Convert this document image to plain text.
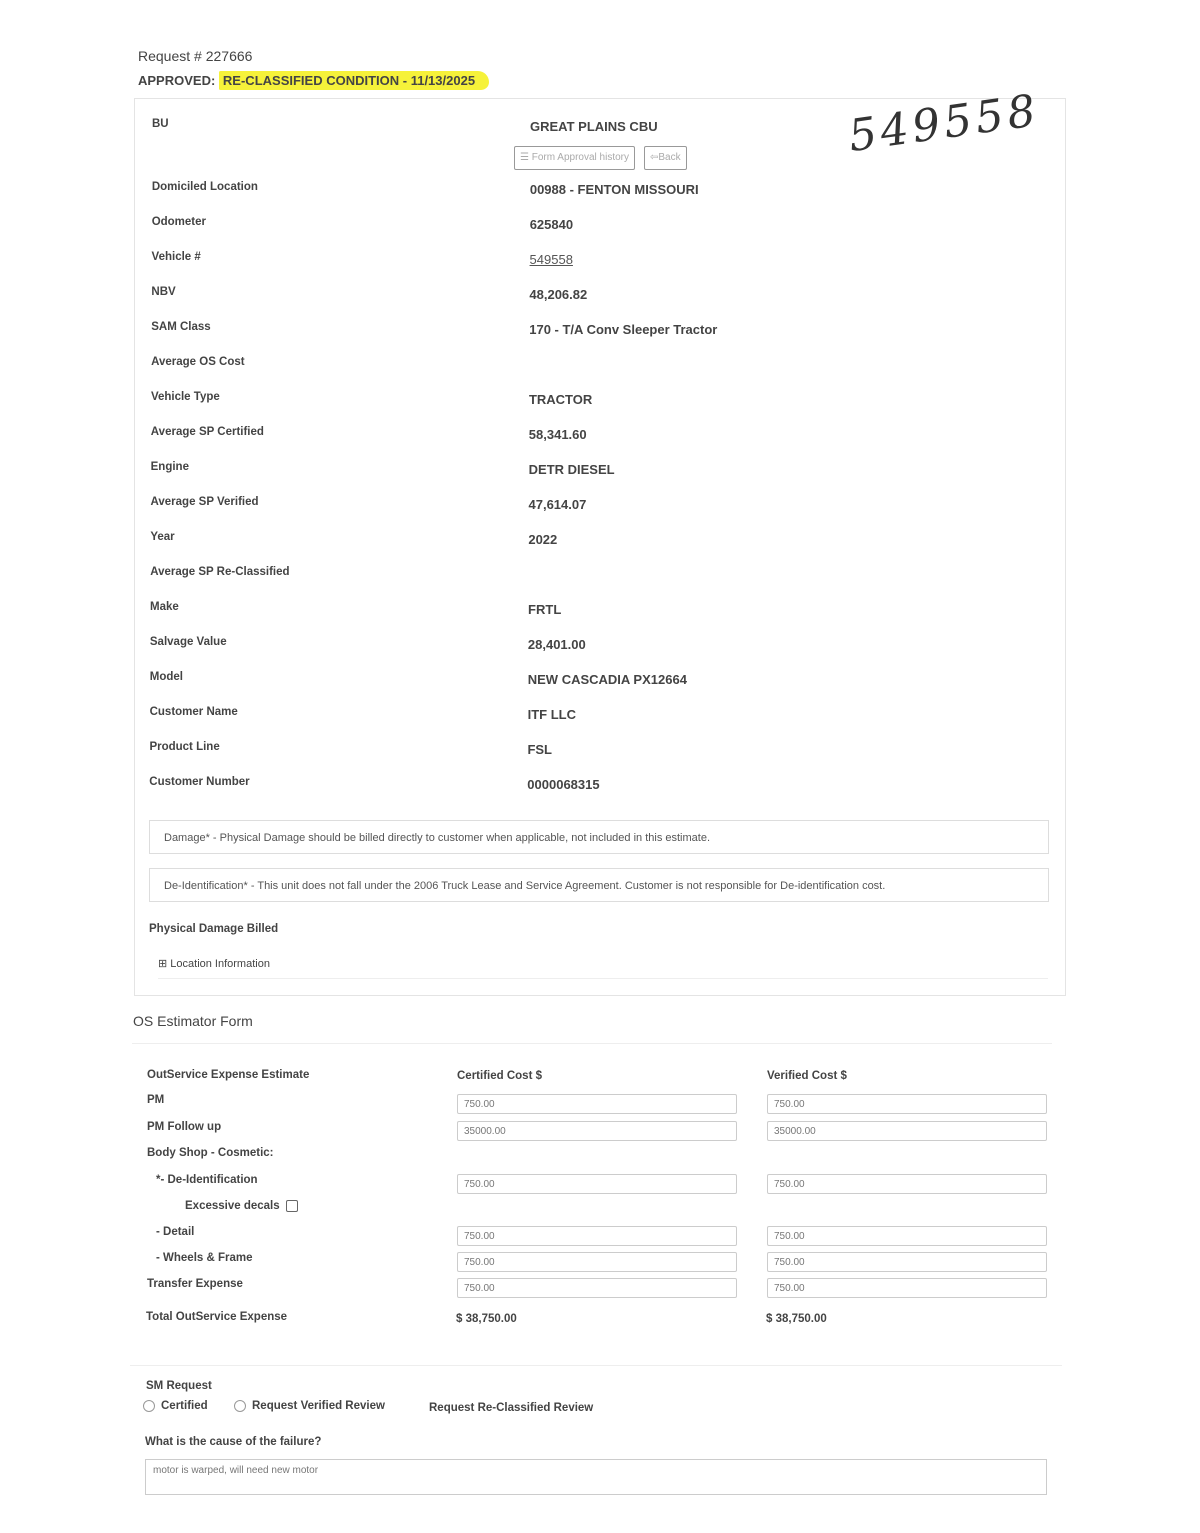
Request # 227666
APPROVED: RE-CLASSIFIED CONDITION - 11/13/2025
549558
☰ Form Approval history	⇦Back
BU	GREAT PLAINS CBU
Domiciled Location	00988 - FENTON MISSOURI
Odometer	625840
Vehicle #	549558
NBV	48,206.82
SAM Class	170 - T/A Conv Sleeper Tractor
Average OS Cost
Vehicle Type	TRACTOR
Average SP Certified	58,341.60
Engine	DETR DIESEL
Average SP Verified	47,614.07
Year	2022
Average SP Re-Classified
Make	FRTL
Salvage Value	28,401.00
Model	NEW CASCADIA PX12664
Customer Name	ITF LLC
Product Line	FSL
Customer Number	0000068315
Damage* - Physical Damage should be billed directly to customer when applicable, not included in this estimate.
De-Identification* - This unit does not fall under the 2006 Truck Lease and Service Agreement. Customer is not responsible for De-identification cost.
Physical Damage Billed
⊞ Location Information
OS Estimator Form
OutService Expense Estimate	Certified Cost $	Verified Cost $
PM	750.00	750.00
PM Follow up	35000.00	35000.00
Body Shop - Cosmetic:
*- De-Identification	750.00	750.00
Excessive decals
- Detail	750.00	750.00
- Wheels & Frame	750.00	750.00
Transfer Expense	750.00	750.00
Total OutService Expense	$ 38,750.00	$ 38,750.00
SM Request
Certified	Request Verified Review	Request Re-Classified Review
What is the cause of the failure?
motor is warped, will need new motor
